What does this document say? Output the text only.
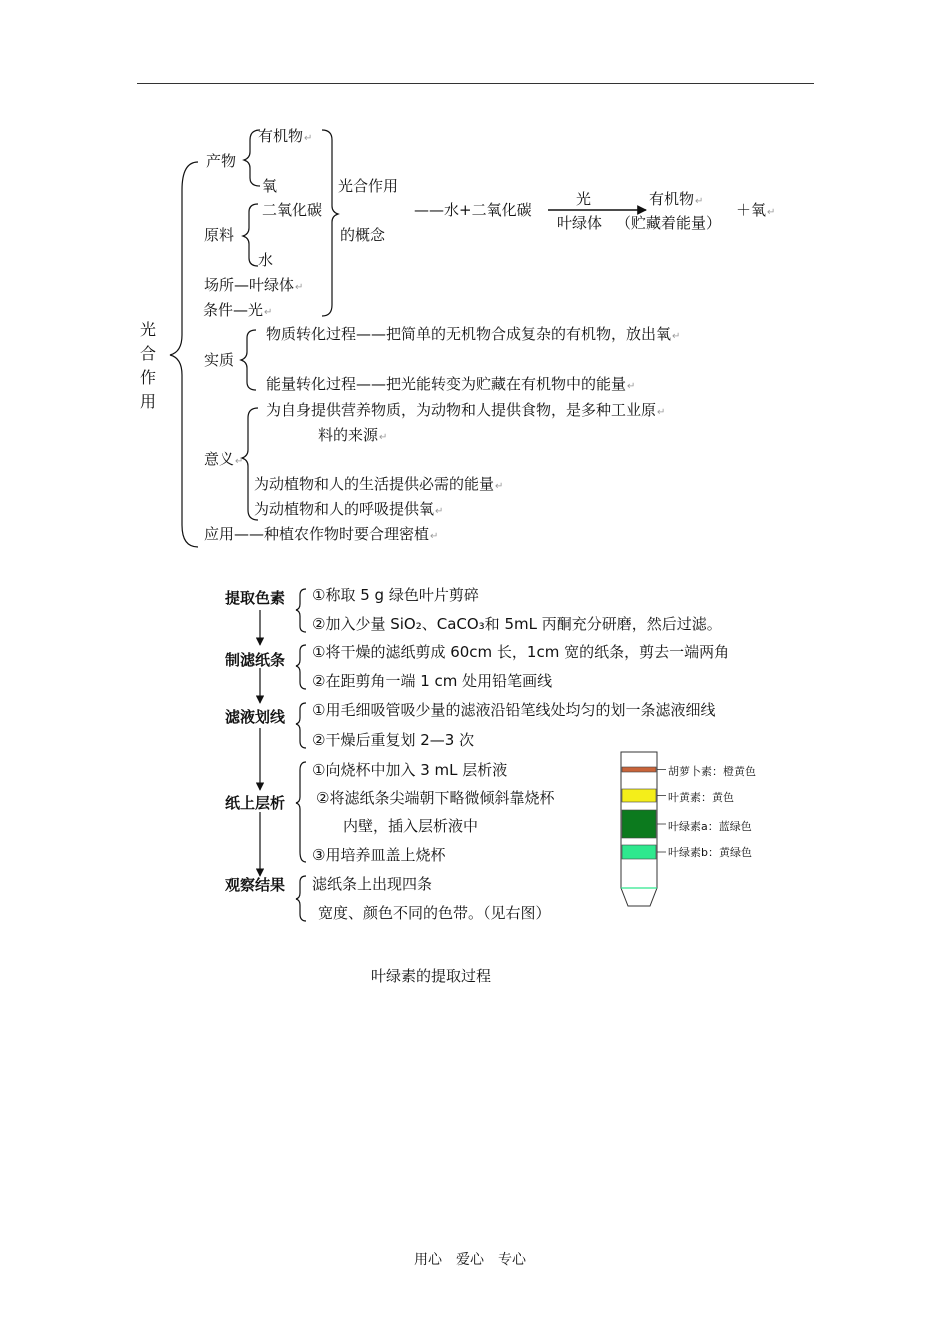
光合作用
产物
有机物↵
氧
原料
二氧化碳
水
场所—叶绿体↵
条件—光↵
光合作用
的概念
——水+二氧化碳
光
叶绿体
有机物↵
（贮藏着能量）
＋氧↵
实质
物质转化过程——把简单的无机物合成复杂的有机物，放出氧↵
能量转化过程——把光能转变为贮藏在有机物中的能量↵
意义↵
为自身提供营养物质，为动物和人提供食物，是多种工业原↵
料的来源↵
为动植物和人的生活提供必需的能量↵
为动植物和人的呼吸提供氧↵
应用——种植农作物时要合理密植↵
提取色素 ①称取 5 g 绿色叶片剪碎
②加入少量 SiO₂、CaCO₃和 5mL 丙酮充分研磨，然后过滤。
制滤纸条 ①将干燥的滤纸剪成 60cm 长，1cm 宽的纸条，剪去一端两角
②在距剪角一端 1 cm 处用铅笔画线
滤液划线 ①用毛细吸管吸少量的滤液沿铅笔线处均匀的划一条滤液细线
②干燥后重复划 2—3 次
纸上层析
①向烧杯中加入 3 mL 层析液
②将滤纸条尖端朝下略微倾斜靠烧杯
内壁，插入层析液中
③用培养皿盖上烧杯
观察结果 滤纸条上出现四条
宽度、颜色不同的色带。（见右图）
胡萝卜素：橙黄色
叶黄素：黄色
叶绿素a：蓝绿色
叶绿素b：黄绿色
叶绿素的提取过程
用心　爱心　专心
